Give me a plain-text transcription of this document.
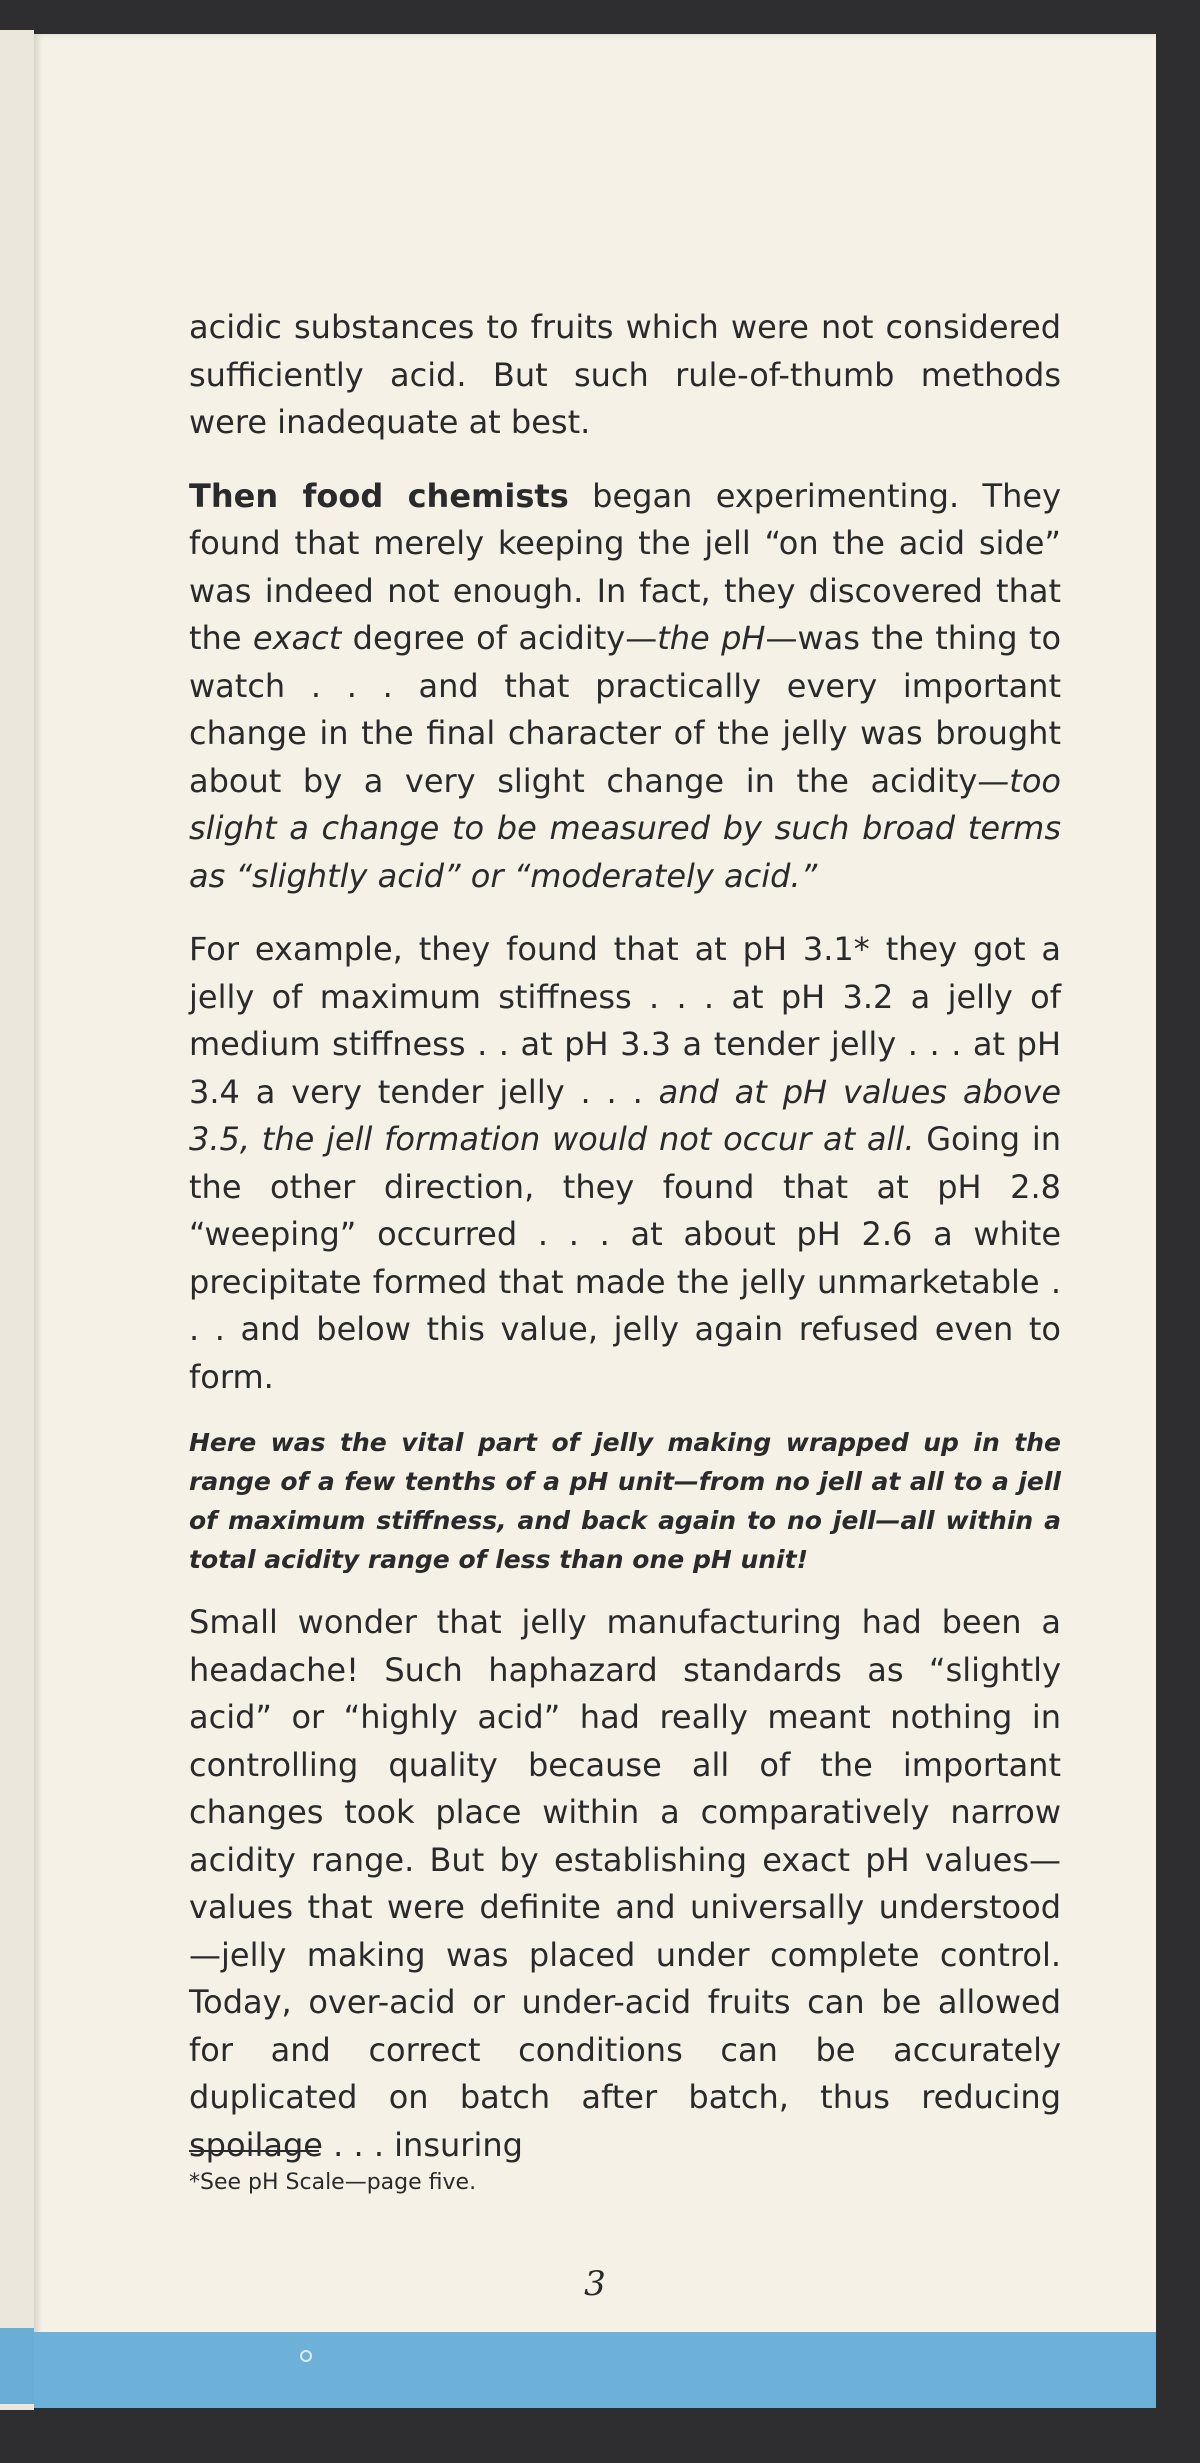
acidic substances to fruits which were not considered sufficiently acid. But such rule-of-thumb methods were inadequate at best.

Then food chemists began experimenting. They found that merely keeping the jell “on the acid side” was indeed not enough. In fact, they discovered that the exact degree of acidity—the pH—was the thing to watch . . . and that practically every important change in the final character of the jelly was brought about by a very slight change in the acidity—too slight a change to be measured by such broad terms as “slightly acid” or “moderately acid.”

For example, they found that at pH 3.1* they got a jelly of maximum stiffness . . . at pH 3.2 a jelly of medium stiffness . . at pH 3.3 a tender jelly . . . at pH 3.4 a very tender jelly . . . and at pH values above 3.5, the jell formation would not occur at all. Going in the other direction, they found that at pH 2.8 “weeping” occurred . . . at about pH 2.6 a white precipitate formed that made the jelly unmarketable . . . and below this value, jelly again refused even to form.

Here was the vital part of jelly making wrapped up in the range of a few tenths of a pH unit—from no jell at all to a jell of maximum stiffness, and back again to no jell—all within a total acidity range of less than one pH unit!

Small wonder that jelly manufacturing had been a headache! Such haphazard standards as “slightly acid” or “highly acid” had really meant nothing in controlling quality because all of the important changes took place within a comparatively narrow acidity range. But by establishing exact pH values—values that were definite and universally understood—jelly making was placed under complete control. Today, over-acid or under-acid fruits can be allowed for and correct conditions can be accurately duplicated on batch after batch, thus reducing spoilage . . . insuring

*See pH Scale—page five.
3
